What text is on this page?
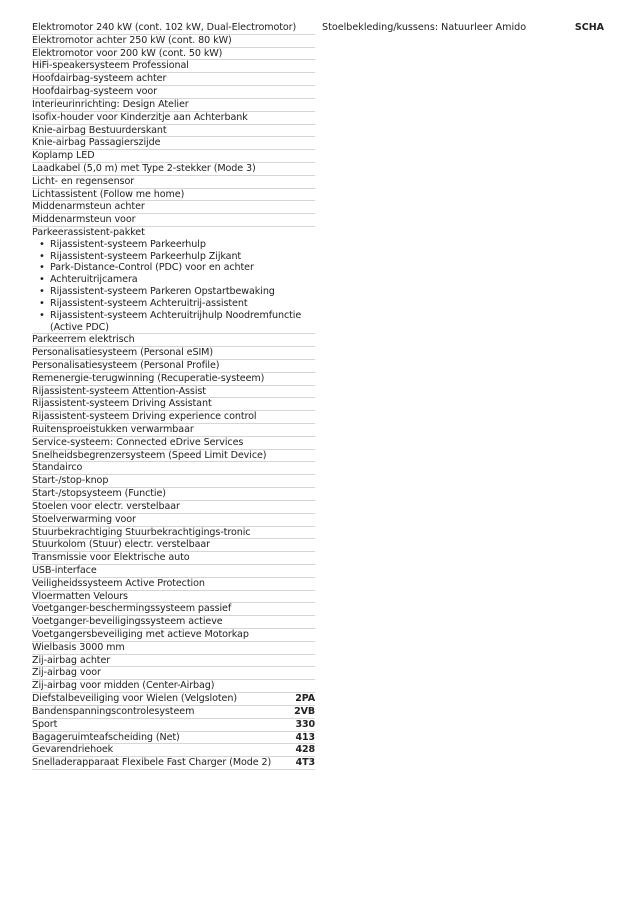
Elektromotor 240 kW (cont. 102 kW, Dual-Electromotor)
Elektromotor achter 250 kW (cont. 80 kW)
Elektromotor voor 200 kW (cont. 50 kW)
HiFi-speakersysteem Professional
Hoofdairbag-systeem achter
Hoofdairbag-systeem voor
Interieurinrichting: Design Atelier
Isofix-houder voor Kinderzitje aan Achterbank
Knie-airbag Bestuurderskant
Knie-airbag Passagierszijde
Koplamp LED
Laadkabel (5,0 m) met Type 2-stekker (Mode 3)
Licht- en regensensor
Lichtassistent (Follow me home)
Middenarmsteun achter
Middenarmsteun voor
Parkeerassistent-pakket
• Rijassistent-systeem Parkeerhulp
• Rijassistent-systeem Parkeerhulp Zijkant
• Park-Distance-Control (PDC) voor en achter
• Achteruitrijcamera
• Rijassistent-systeem Parkeren Opstartbewaking
• Rijassistent-systeem Achteruitrij-assistent
• Rijassistent-systeem Achteruitrijhulp Noodremfunctie (Active PDC)
Parkeerrem elektrisch
Personalisatiesysteem (Personal eSIM)
Personalisatiesysteem (Personal Profile)
Remenergie-terugwinning (Recuperatie-systeem)
Rijassistent-systeem Attention-Assist
Rijassistent-systeem Driving Assistant
Rijassistent-systeem Driving experience control
Ruitensproeistukken verwarmbaar
Service-systeem: Connected eDrive Services
Snelheidsbegrenzersysteem (Speed Limit Device)
Standairco
Start-/stop-knop
Start-/stopsysteem (Functie)
Stoelen voor electr. verstelbaar
Stoelverwarming voor
Stuurbekrachtiging Stuurbekrachtigings-tronic
Stuurkolom (Stuur) electr. verstelbaar
Transmissie voor Elektrische auto
USB-interface
Veiligheidssysteem Active Protection
Vloermatten Velours
Voetganger-beschermingssysteem passief
Voetganger-beveiligingssysteem actieve
Voetgangersbeveiliging met actieve Motorkap
Wielbasis 3000 mm
Zij-airbag achter
Zij-airbag voor
Zij-airbag voor midden (Center-Airbag)
Diefstalbeveiliging voor Wielen (Velgsloten)	2PA
Bandenspanningscontrolesysteem	2VB
Sport	330
Bagageruimteafscheiding (Net)	413
Gevarendriehoek	428
Snelladerapparaat Flexibele Fast Charger (Mode 2)	4T3
Stoelbekleding/kussens: Natuurleer Amido	SCHA
